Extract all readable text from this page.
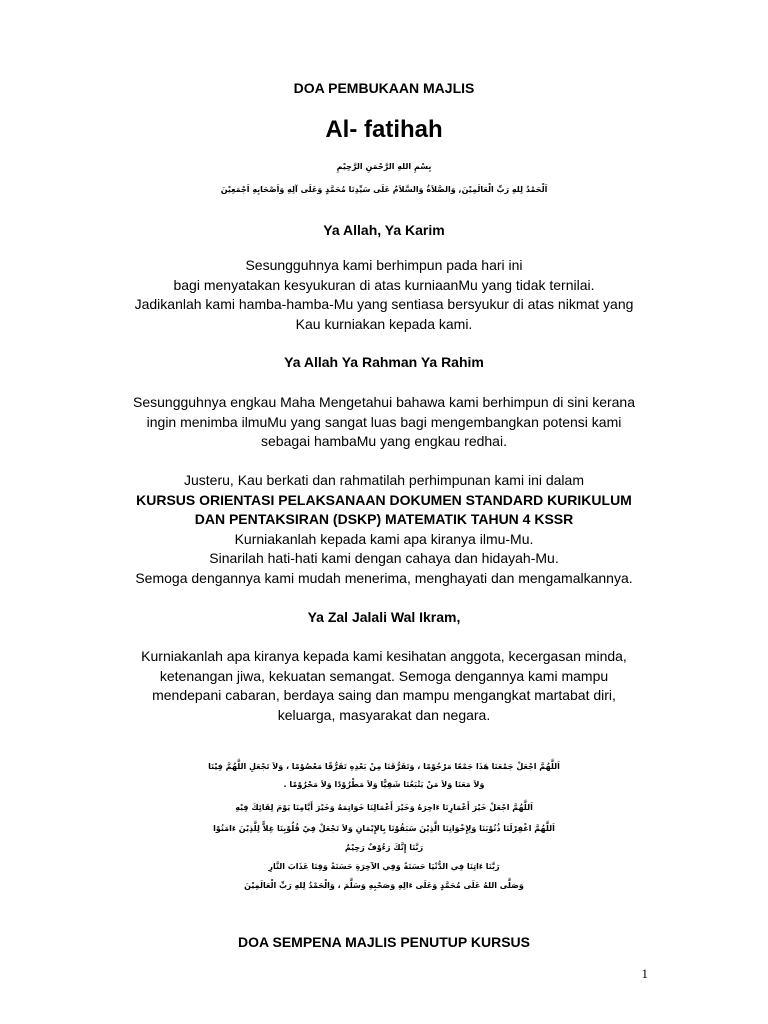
DOA PEMBUKAAN MAJLIS
Al- fatihah
بِسْمِ اللهِ الرَّحْمَنِ الرَّحِيْمِ
اَلْحَمْدُ لِلهِ رَبِّ الْعَالَمِيْنَ, وَالصَّلاَةُ وَالسَّلاَمُ عَلَى سَيِّدِنَا مُحَمَّدٍ وَعَلَى آلِهِ وَاَصْحَابِهِ اَجْمَعِيْنَ
Ya Allah, Ya Karim
Sesungguhnya kami berhimpun pada hari ini
bagi menyatakan kesyukuran di atas kurniaanMu yang tidak ternilai.
Jadikanlah kami hamba-hamba-Mu yang sentiasa bersyukur di atas nikmat yang
Kau kurniakan kepada kami.
Ya Allah Ya Rahman Ya Rahim
Sesungguhnya engkau Maha Mengetahui bahawa kami berhimpun di sini kerana
ingin menimba ilmuMu yang sangat luas bagi mengembangkan potensi kami
sebagai hambaMu yang engkau redhai.
Justeru, Kau berkati dan rahmatilah perhimpunan kami ini dalam
KURSUS ORIENTASI PELAKSANAAN DOKUMEN STANDARD KURIKULUM
DAN PENTAKSIRAN (DSKP) MATEMATIK TAHUN 4 KSSR
Kurniakanlah kepada kami apa kiranya ilmu-Mu.
Sinarilah hati-hati kami dengan cahaya dan hidayah-Mu.
Semoga dengannya kami mudah menerima, menghayati dan mengamalkannya.
Ya Zal Jalali Wal Ikram,
Kurniakanlah apa kiranya kepada kami kesihatan anggota, kecergasan minda,
ketenangan jiwa, kekuatan semangat. Semoga dengannya kami mampu
mendepani cabaran, berdaya saing dan mampu mengangkat martabat diri,
keluarga, masyarakat dan negara.
اَللَّهُمَّ اجْعَلْ جَمْعَنَا هَذَا جَمْعًا مَرْحُوْمًا ، وَتَفَرُّقَنَا مِنْ بَعْدِهِ تَفَرُّقًا مَعْصُوْمًا ، وَلاَ تَجْعَلِ اللَّهُمَّ فِيْنَا
وَلاَ مَعَنَا وَلاَ مَنْ يَتْبَعُنَا شَقِيًّا وَلاَ مَطْرُوْدًا وَلاَ مَحْرُوْمًا .
اَللَّهُمَّ اجْعَلْ خَيْرَ أَعْمَارِنَا ءَاخِرَهُ وَخَيْرَ أَعْمَالِنَا خَوَاتِمَهُ وَخَيْرَ أَيَّامِنَا يَوْمَ لِقَائِكَ فِيْهِ
اَللَّهُمَّ اغْفِرْلَنَا ذُنُوْبَنَا وَلِإِخْوَانِنَا الَّذِيْنَ سَبَقُوْنَا بِالإِيْمَانِ وَلاَ تَجْعَلْ فِيْ قُلُوْبِنَا غِلاًّ لِلَّذِيْنَ ءَامَنُوْا
رَبَّنَا إِنَّكَ رَءُوْفٌ رَحِيْمٌ
رَبَّنَا ءَاتِنَا فِي الدُّنْيَا حَسَنَةً وَفِي الآخِرَةِ حَسَنَةً وَقِنَا عَذَابَ النَّارِ
وَصَلَّى اللهُ عَلَى مُحَمَّدٍ وَعَلَى ءَالِهِ وَصَحْبِهِ وَسَلَّمَ ، وَالْحَمْدُ لِلهِ رَبِّ الْعَالَمِيْنَ
DOA SEMPENA MAJLIS PENUTUP KURSUS
1
